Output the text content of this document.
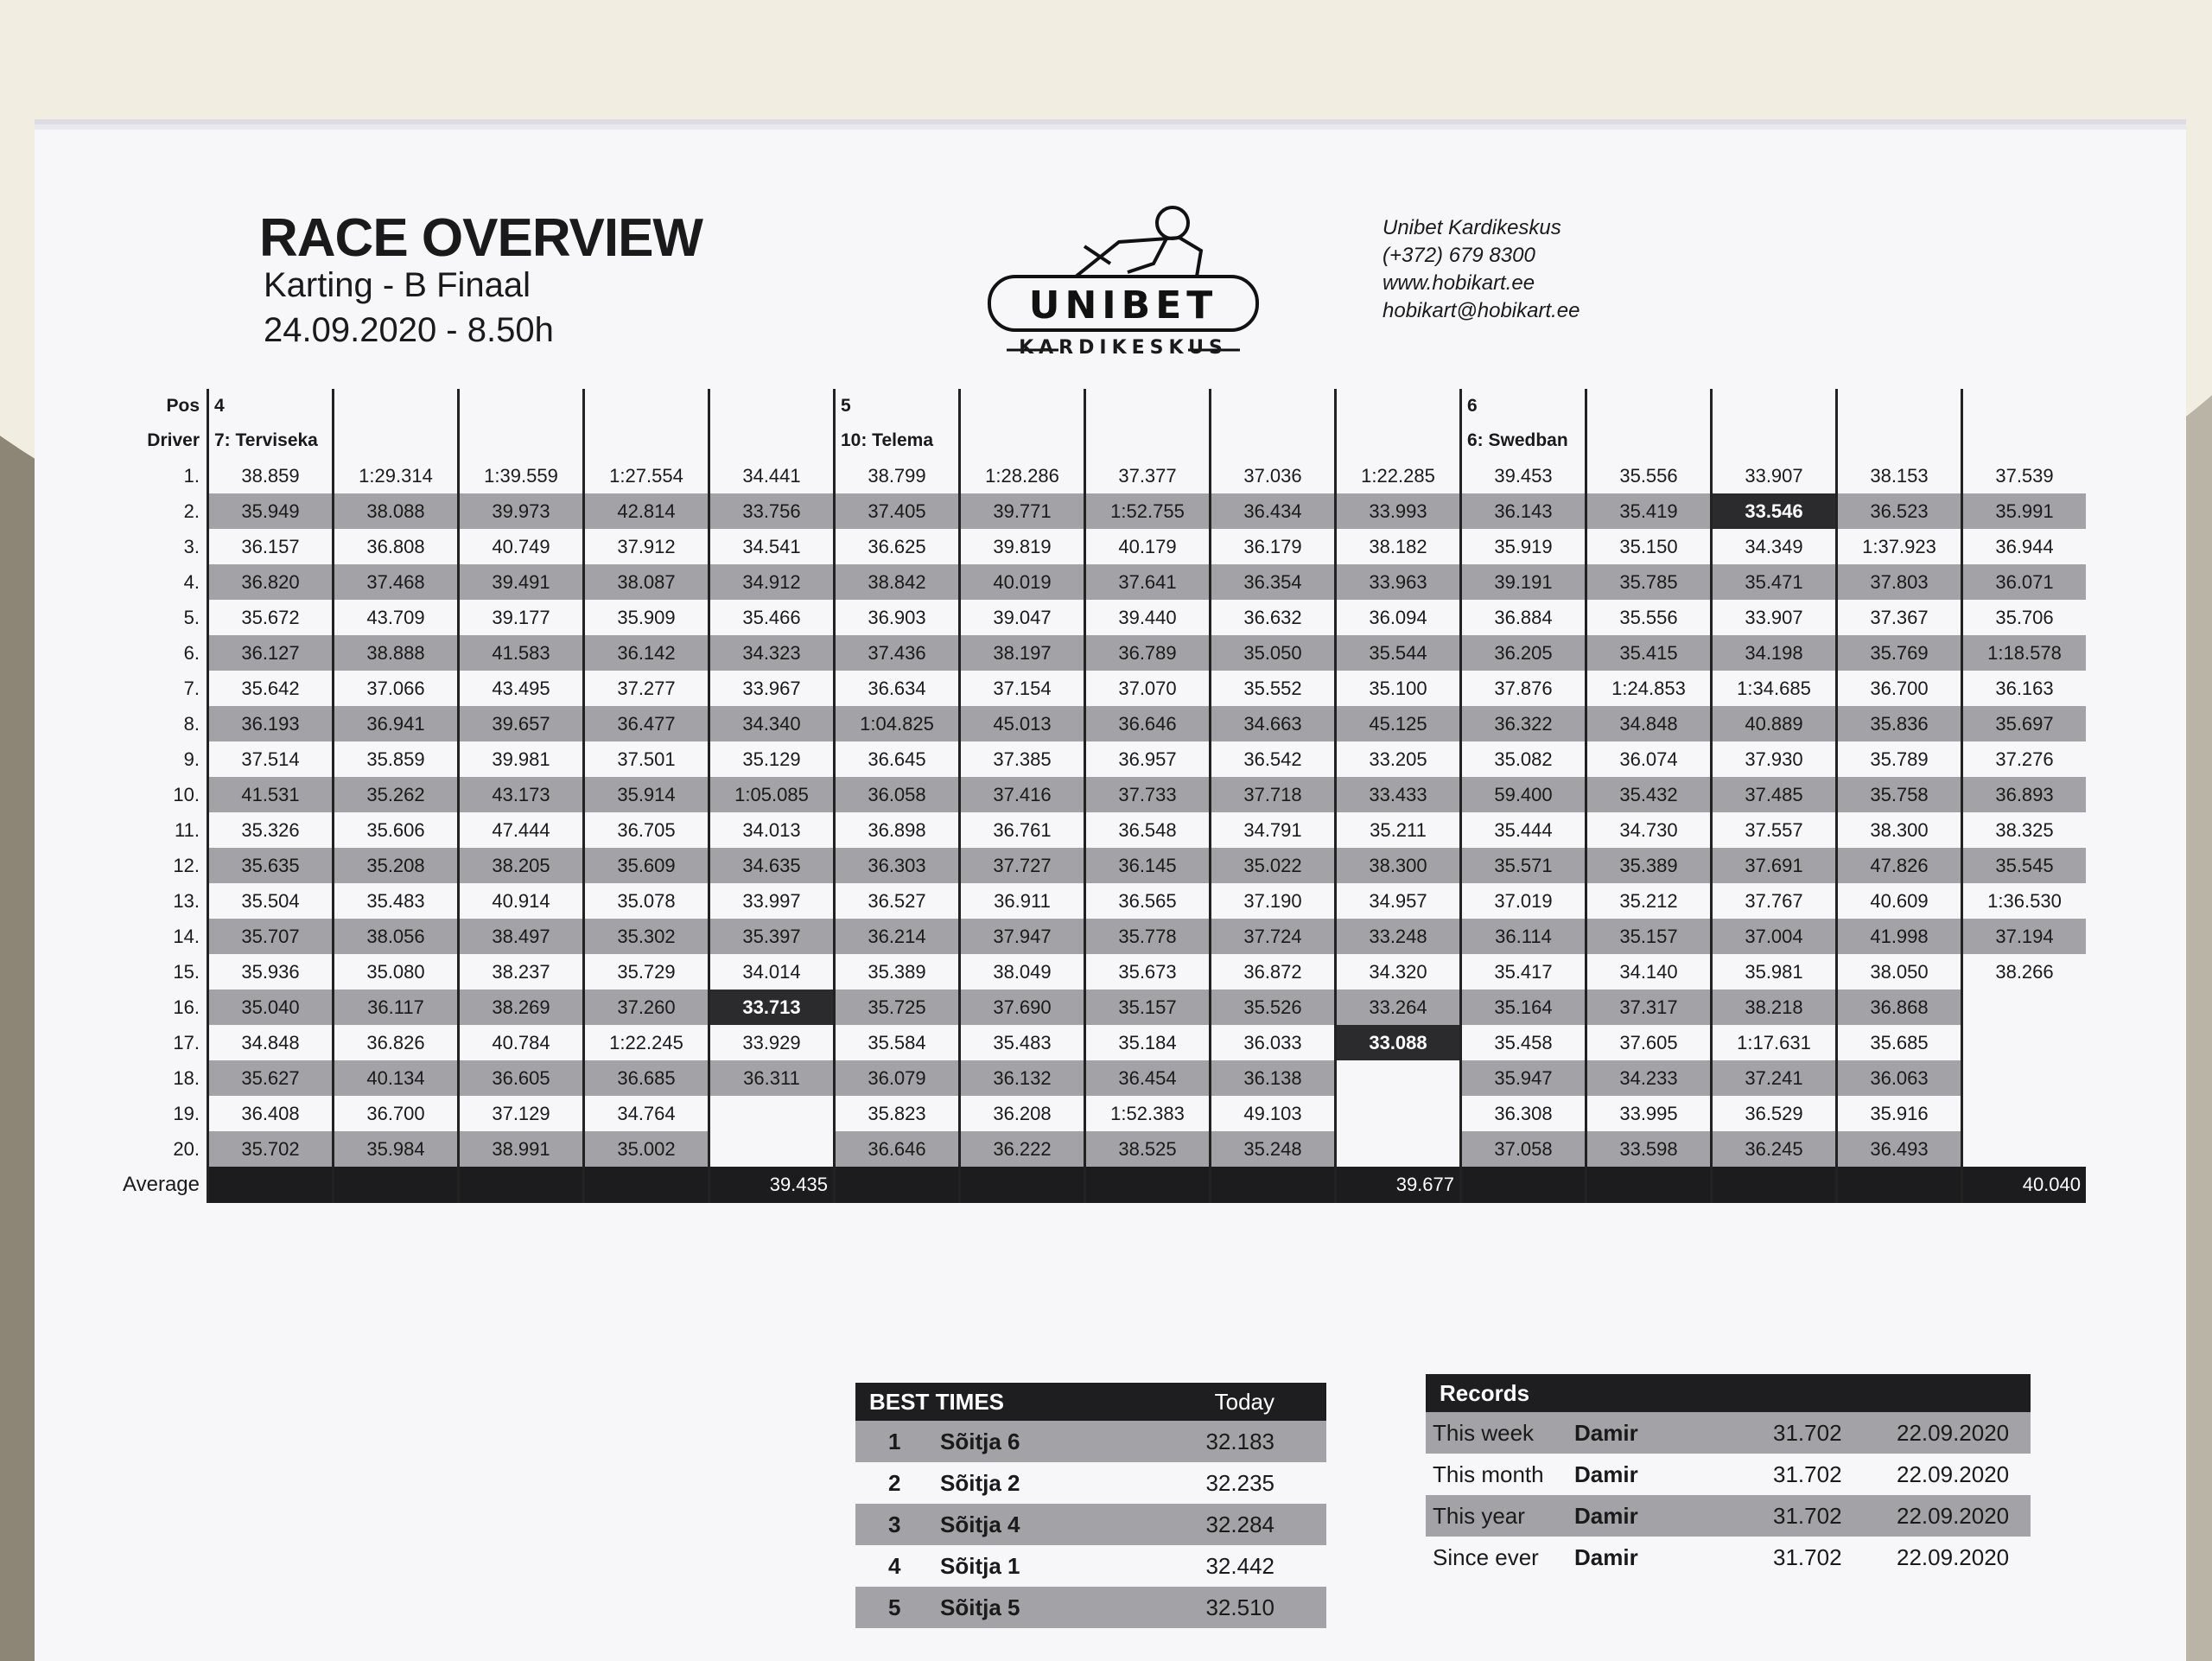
RACE OVERVIEW
Karting - B Finaal
24.09.2020 - 8.50h
UNIBET
KARDIKESKUS
Unibet Kardikeskus
(+372) 679 8300
www.hobikart.ee
hobikart@hobikart.ee
Pos	4					5					6				
Driver	7: Terviseka					10: Telema					6: Swedban				
1.	38.859	1:29.314	1:39.559	1:27.554	34.441	38.799	1:28.286	37.377	37.036	1:22.285	39.453	35.556	33.907	38.153	37.539
2.	35.949	38.088	39.973	42.814	33.756	37.405	39.771	1:52.755	36.434	33.993	36.143	35.419	33.546	36.523	35.991
3.	36.157	36.808	40.749	37.912	34.541	36.625	39.819	40.179	36.179	38.182	35.919	35.150	34.349	1:37.923	36.944
4.	36.820	37.468	39.491	38.087	34.912	38.842	40.019	37.641	36.354	33.963	39.191	35.785	35.471	37.803	36.071
5.	35.672	43.709	39.177	35.909	35.466	36.903	39.047	39.440	36.632	36.094	36.884	35.556	33.907	37.367	35.706
6.	36.127	38.888	41.583	36.142	34.323	37.436	38.197	36.789	35.050	35.544	36.205	35.415	34.198	35.769	1:18.578
7.	35.642	37.066	43.495	37.277	33.967	36.634	37.154	37.070	35.552	35.100	37.876	1:24.853	1:34.685	36.700	36.163
8.	36.193	36.941	39.657	36.477	34.340	1:04.825	45.013	36.646	34.663	45.125	36.322	34.848	40.889	35.836	35.697
9.	37.514	35.859	39.981	37.501	35.129	36.645	37.385	36.957	36.542	33.205	35.082	36.074	37.930	35.789	37.276
10.	41.531	35.262	43.173	35.914	1:05.085	36.058	37.416	37.733	37.718	33.433	59.400	35.432	37.485	35.758	36.893
11.	35.326	35.606	47.444	36.705	34.013	36.898	36.761	36.548	34.791	35.211	35.444	34.730	37.557	38.300	38.325
12.	35.635	35.208	38.205	35.609	34.635	36.303	37.727	36.145	35.022	38.300	35.571	35.389	37.691	47.826	35.545
13.	35.504	35.483	40.914	35.078	33.997	36.527	36.911	36.565	37.190	34.957	37.019	35.212	37.767	40.609	1:36.530
14.	35.707	38.056	38.497	35.302	35.397	36.214	37.947	35.778	37.724	33.248	36.114	35.157	37.004	41.998	37.194
15.	35.936	35.080	38.237	35.729	34.014	35.389	38.049	35.673	36.872	34.320	35.417	34.140	35.981	38.050	38.266
16.	35.040	36.117	38.269	37.260	33.713	35.725	37.690	35.157	35.526	33.264	35.164	37.317	38.218	36.868	
17.	34.848	36.826	40.784	1:22.245	33.929	35.584	35.483	35.184	36.033	33.088	35.458	37.605	1:17.631	35.685	
18.	35.627	40.134	36.605	36.685	36.311	36.079	36.132	36.454	36.138		35.947	34.233	37.241	36.063	
19.	36.408	36.700	37.129	34.764		35.823	36.208	1:52.383	49.103		36.308	33.995	36.529	35.916	
20.	35.702	35.984	38.991	35.002		36.646	36.222	38.525	35.248		37.058	33.598	36.245	36.493	
Average					39.435					39.677					40.040
BEST TIMES	Today
1 Sõitja 6	32.183
2 Sõitja 2	32.235
3 Sõitja 4	32.284
4 Sõitja 1	32.442
5 Sõitja 5	32.510
Records
This week Damir	31.702 22.09.2020
This month Damir	31.702 22.09.2020
This year Damir	31.702 22.09.2020
Since ever Damir	31.702 22.09.2020
